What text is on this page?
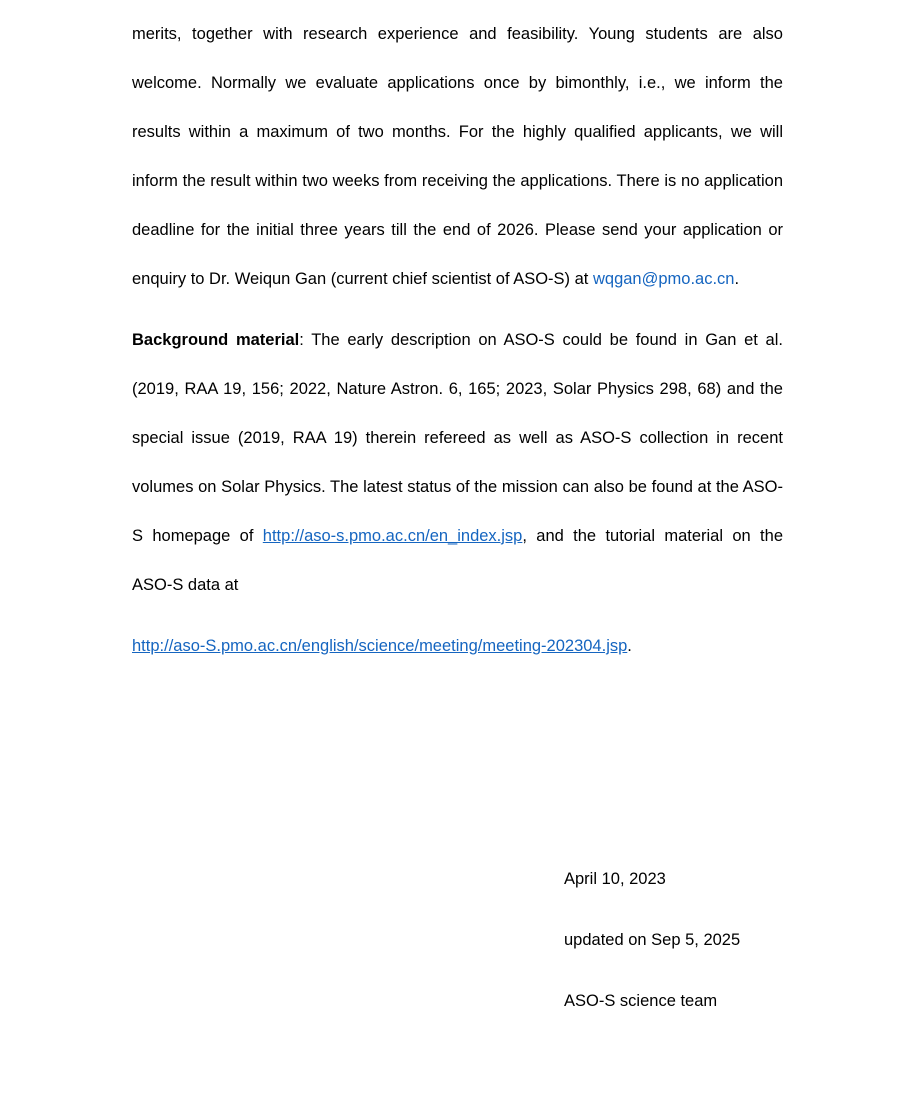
merits, together with research experience and feasibility. Young students are also welcome. Normally we evaluate applications once by bimonthly, i.e., we inform the results within a maximum of two months. For the highly qualified applicants, we will inform the result within two weeks from receiving the applications. There is no application deadline for the initial three years till the end of 2026. Please send your application or enquiry to Dr. Weiqun Gan (current chief scientist of ASO-S) at wqgan@pmo.ac.cn.

Background material: The early description on ASO-S could be found in Gan et al. (2019, RAA 19, 156; 2022, Nature Astron. 6, 165; 2023, Solar Physics 298, 68) and the special issue (2019, RAA 19) therein refereed as well as ASO-S collection in recent volumes on Solar Physics. The latest status of the mission can also be found at the ASO-S homepage of http://aso-s.pmo.ac.cn/en_index.jsp, and the tutorial material on the ASO-S data at

http://aso-S.pmo.ac.cn/english/science/meeting/meeting-202304.jsp.

April 10, 2023

updated on Sep 5, 2025

ASO-S science team
